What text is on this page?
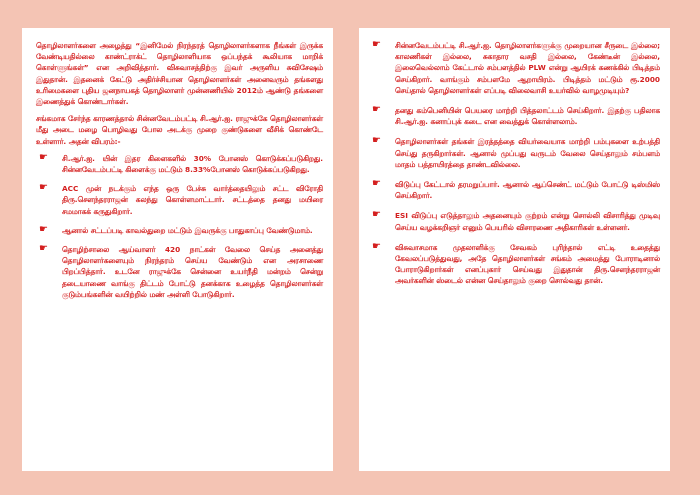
தொழிலாளர்களை அழைத்து “இனிமேல் நிரந்தரத் தொழிலாளர்களாக நீங்கள் இருக்க வேண்டியதில்லை காண்ட்ராக்ட் தொழிலாளியாக ஒப்பந்தக் கூலியாக மாறிக் கொள்ளுங்கள்” என அறிவித்தார். விசுவாசத்திற்கு இவர் அருளிய சுவிசேஷம் இதுதான். இதனைக் கேட்டு அதிர்ச்சியான தொழிலாளர்கள் அனைவரும் தங்களது உரிமைகளை புதிய ஜனநாயகத் தொழிலாளர் முன்னணியில் 2012ம் ஆண்டு தங்களை இணைத்துக் கொண்டார்கள்.

சங்கமாக சேர்ந்த காரணத்தால் சின்னவேடம்பட்டி சி.ஆர்.ஐ. ராஜுக்கே தொழிலாளர்கள் மீது அடை மழை பொழிவது போல அடக்கு முறை குண்டுகளை வீசிக் கொண்டே உள்ளார். அதன் விபரம்:-

☛ சி.ஆர்.ஐ. யின் இதர கிளைகளில் 30% போனஸ் கொடுக்கப்படுகிறது. சின்னவேடம்பட்டி கிளைக்கு மட்டும் 8.33%போனஸ் கொடுக்கப்படுகிறது.
☛ ACC முன் நடக்கும் எந்த ஒரு பேச்சு வார்த்தையிலும் சட்ட விரோதி திரு.சௌந்தரராஜன் கலந்து கொள்ளமாட்டார். சட்டத்தை தனது மயிரை சமமாகக் கருதுகிறார்.
☛ ஆனால் சட்டப்படி காவல்துறை மட்டும் இவருக்கு பாதுகாப்பு வேண்டுமாம்.
☛ தொழிற்சாலை ஆய்வாளர் 420 நாட்கள் வேலை செய்த அனைத்து தொழிலாளர்களையும் நிரந்தரம் செய்ய வேண்டும் என அரசாணை பிறப்பித்தார். உடனே ராஜுக்கே சென்னை உயர்நீதி மன்றம் சென்று தடையாணை வாங்கு திட்டம் போட்டு தனக்காக உழைத்த தொழிலாளர்கள் குடும்பங்களின் வயிற்றில் மண் அள்ளி போடுகிறார்.
☛ சின்னவேடம்பட்டி சி.ஆர்.ஐ. தொழிலாளர்களுக்கு முறையான சீருடை இல்லை; காலணிகள் இல்லை, சுகாதார வசதி இல்லை, கேண்டீன் இல்லை, இலைவெல்லாம் கேட்டால் சம்பளத்தில் PLW என்று ஆயிரக் கணக்கில் பிடித்தம் செய்கிறார். வாங்கும் சம்பளமே ஆறாயிரம். பிடித்தம் மட்டும் ரூ.2000 செய்தால் தொழிலாளர்கள் எப்படி விலைவாசி உயர்வில் வாழமுடியும்?
☛ தனது கம்பெனியின் பெயரை மாற்றி பித்தலாட்டம் செய்கிறார். இதற்கு பதிலாக சி.ஆர்.ஐ. கனாப்புக் கடை என வைத்துக் கொள்ளலாம்.
☛ தொழிலாளர்கள் தங்கள் இரத்தத்தை வியர்வையாக மாற்றி பம்புகளை உற்பத்தி செய்து தருகிறார்கள். ஆனால் முப்பது வருடம் வேலை செய்தாலும் சம்பளம் மாதம் பத்தாயிரத்தை தாண்டவில்லை.
☛ விடுப்பு கேட்டால் தரமறுப்பார். ஆனால் ஆப்செண்ட் மட்டும் போட்டு டிஸ்மிஸ் செய்கிறார்.
☛ ESI விடுப்பு எடுத்தாலும் அதனையும் குற்றம் என்று சொல்லி விசாரித்து முடிவு செய்ய வழக்கறிஞர் எனும் பெயரில் விசாரணை அதிகாரிகள் உள்ளனர்.
☛ விசுவாசமாக முதலாளிக்கு சேவகம் புரிந்தால் எட்டி உதைத்து கேவலப்படுத்துவது, அதே தொழிலாளர்கள் சங்கம் அமைத்து போராடினால் போராடுகிறார்கள் எனப்புகார் செய்வது இதுதான் திரு.சௌந்தரராஜன் அவர்களின் ஸ்டைல் என்ன செய்தாலும் குறை சொல்வது தான்.
